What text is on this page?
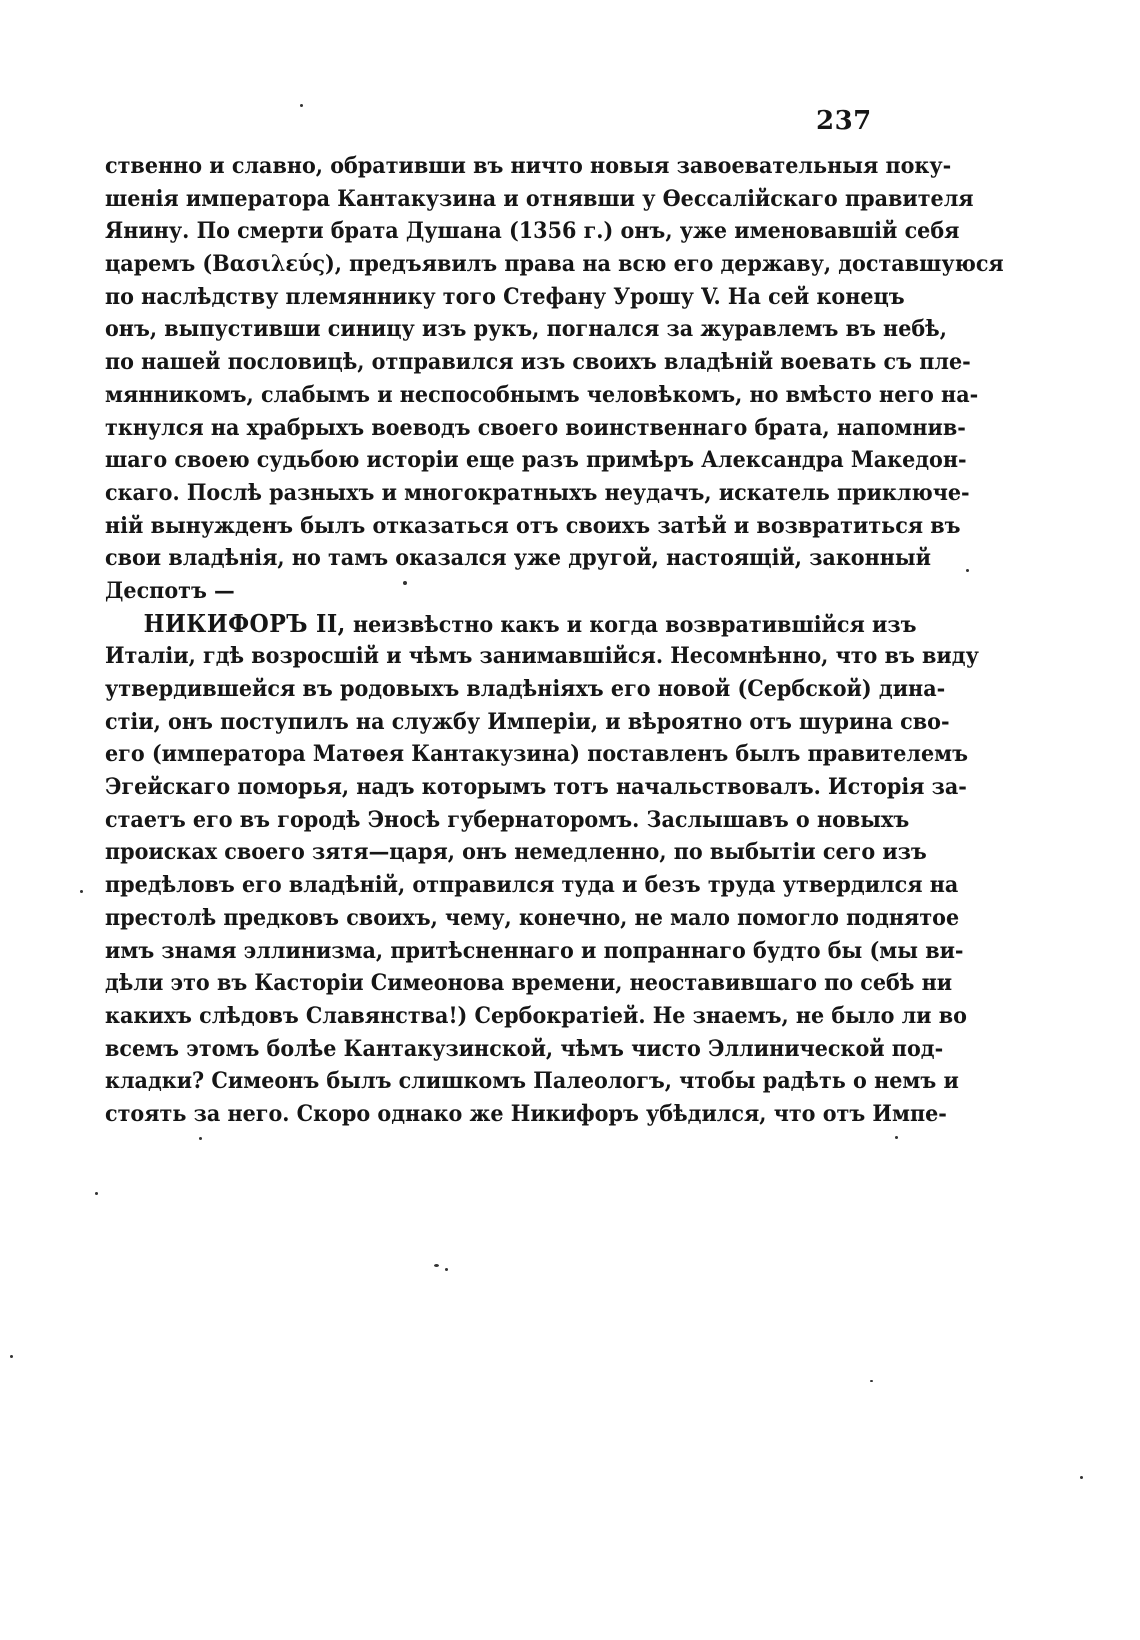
237
ственно и славно, обративши въ ничто новыя завоевательныя поку-
шенія императора Кантакузина и отнявши у Ѳессалійскаго правителя
Янину. По смерти брата Душана (1356 г.) онъ, уже именовавшій себя
царемъ (Βασιλεύς), предъявилъ права на всю его державу, доставшуюся
по наслѣдству племяннику того Стефану Урошу V. На сей конецъ
онъ, выпустивши синицу изъ рукъ, погнался за журавлемъ въ небѣ,
по нашей пословицѣ, отправился изъ своихъ владѣній воевать съ пле-
мянникомъ, слабымъ и неспособнымъ человѣкомъ, но вмѣсто него на-
ткнулся на храбрыхъ воеводъ своего воинственнаго брата, напомнив-
шаго своею судьбою исторіи еще разъ примѣръ Александра Македон-
скаго. Послѣ разныхъ и многократныхъ неудачъ, искатель приключе-
ній вынужденъ былъ отказаться отъ своихъ затѣй и возвратиться въ
свои владѣнія, но тамъ оказался уже другой, настоящій, законный
Деспотъ —
НИКИФОРЪ II, неизвѣстно какъ и когда возвратившійся изъ
Италіи, гдѣ возросшій и чѣмъ занимавшійся. Несомнѣнно, что въ виду
утвердившейся въ родовыхъ владѣніяхъ его новой (Сербской) дина-
стіи, онъ поступилъ на службу Имперіи, и вѣроятно отъ шурина сво-
его (императора Матѳея Кантакузина) поставленъ былъ правителемъ
Эгейскаго поморья, надъ которымъ тотъ начальствовалъ. Исторія за-
стаетъ его въ городѣ Эносѣ губернаторомъ. Заслышавъ о новыхъ
происках своего зятя—царя, онъ немедленно, по выбытіи сего изъ
предѣловъ его владѣній, отправился туда и безъ труда утвердился на
престолѣ предковъ своихъ, чему, конечно, не мало помогло поднятое
имъ знамя эллинизма, притѣсненнаго и попраннаго будто бы (мы ви-
дѣли это въ Касторіи Симеонова времени, неоставившаго по себѣ ни
какихъ слѣдовъ Славянства!) Сербократіей. Не знаемъ, не было ли во
всемъ этомъ болѣе Кантакузинской, чѣмъ чисто Эллинической под-
кладки? Симеонъ былъ слишкомъ Палеологъ, чтобы радѣть о немъ и
стоять за него. Скоро однако же Никифоръ убѣдился, что отъ Импе-
